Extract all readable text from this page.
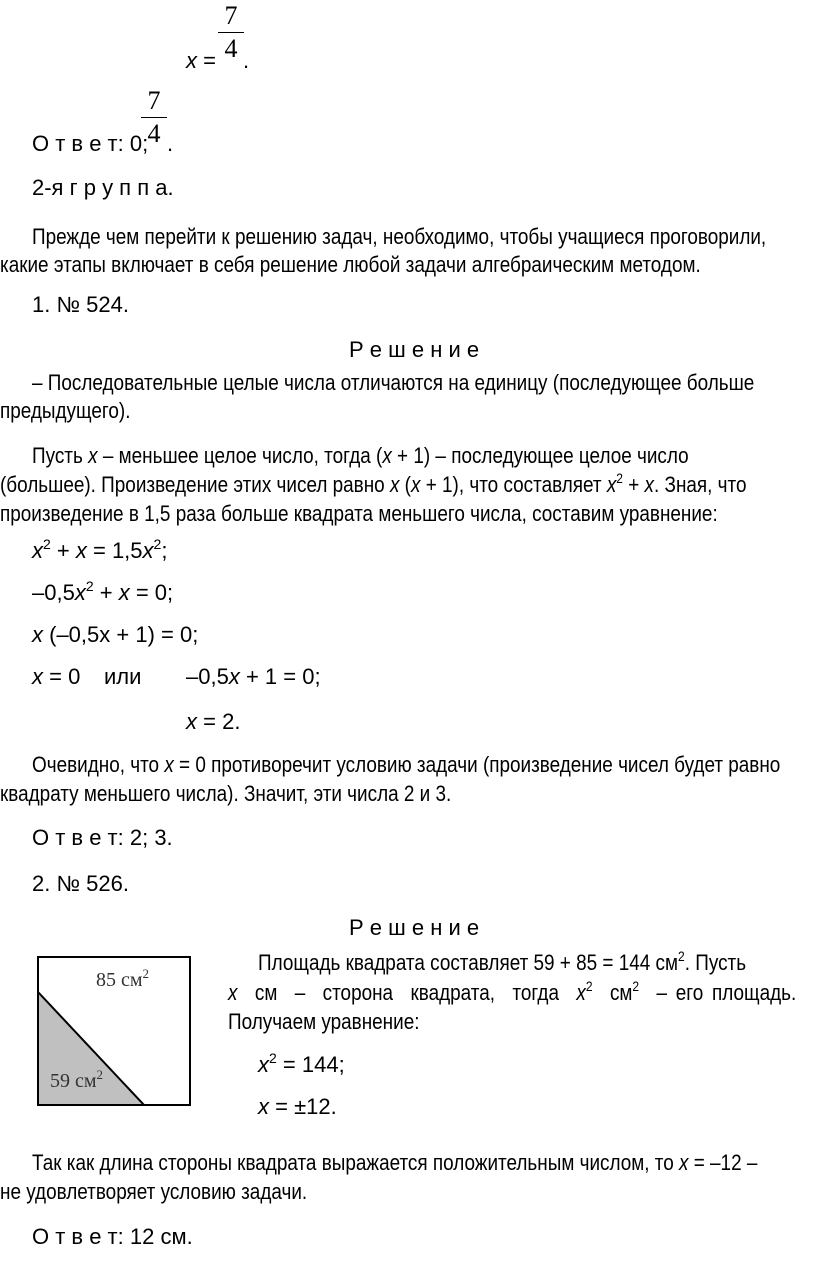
x =
7
4 .
О т в е т: 0;
7
4 .
2-я г р у п п а.
Прежде чем перейти к решению задач, необходимо, чтобы учащиеся проговорили,
какие этапы включает в себя решение любой задачи алгебраическим методом.
1. № 524.
Р е ш е н и е
– Последовательные целые числа отличаются на единицу (последующее больше
предыдущего).
Пусть x – меньшее целое число, тогда (x + 1) – последующее целое число
(большее). Произведение этих чисел равно x (x + 1), что составляет $x^2 + x$. Зная, что
произведение в 1,5 раза больше квадрата меньшего числа, составим уравнение:
$x^2 + x = 1,5x^2$;
$-0,5x^2 + x = 0$;
x (–0,5x + 1) = 0;
x = 0 или –0,5x + 1 = 0;
x = 2.
Очевидно, что x = 0 противоречит условию задачи (произведение чисел будет равно
квадрату меньшего числа). Значит, эти числа 2 и 3.
О т в е т: 2; 3.
2. № 526.
Р е ш е н и е
85 $см^2$
59 $см^2$
Площадь квадрата составляет 59 + 85 = 144 $см^2$. Пусть
x  см  –  сторона  квадрата,  тогда  $x^2$ $см^2$ – его площадь.
Получаем уравнение:
$x^2 = 144$;
x = ±12.
Так как длина стороны квадрата выражается положительным числом, то x = –12 –
не удовлетворяет условию задачи.
О т в е т: 12 см.
